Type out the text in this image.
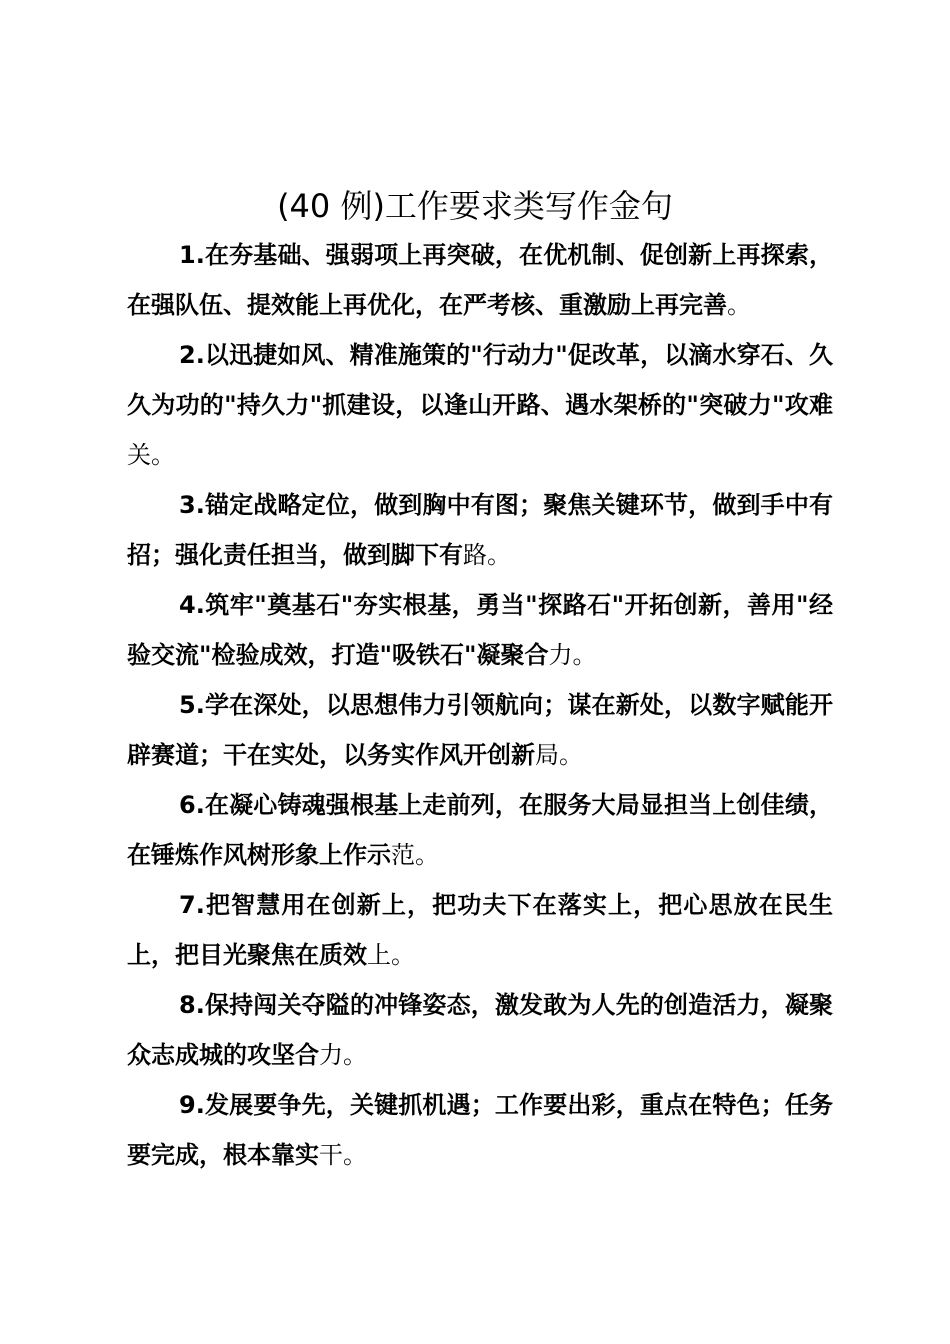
(40 例)工作要求类写作金句

1.在夯基础、强弱项上再突破，在优机制、促创新上再探索，在强队伍、提效能上再优化，在严考核、重激励上再完善。

2.以迅捷如风、精准施策的"行动力"促改革，以滴水穿石、久久为功的"持久力"抓建设，以逢山开路、遇水架桥的"突破力"攻难关。

3.锚定战略定位，做到胸中有图；聚焦关键环节，做到手中有招；强化责任担当，做到脚下有路。

4.筑牢"奠基石"夯实根基，勇当"探路石"开拓创新，善用"经验交流"检验成效，打造"吸铁石"凝聚合力。

5.学在深处，以思想伟力引领航向；谋在新处，以数字赋能开辟赛道；干在实处，以务实作风开创新局。

6.在凝心铸魂强根基上走前列，在服务大局显担当上创佳绩，在锤炼作风树形象上作示范。

7.把智慧用在创新上，把功夫下在落实上，把心思放在民生上，把目光聚焦在质效上。

8.保持闯关夺隘的冲锋姿态，激发敢为人先的创造活力，凝聚众志成城的攻坚合力。

9.发展要争先，关键抓机遇；工作要出彩，重点在特色；任务要完成，根本靠实干。
